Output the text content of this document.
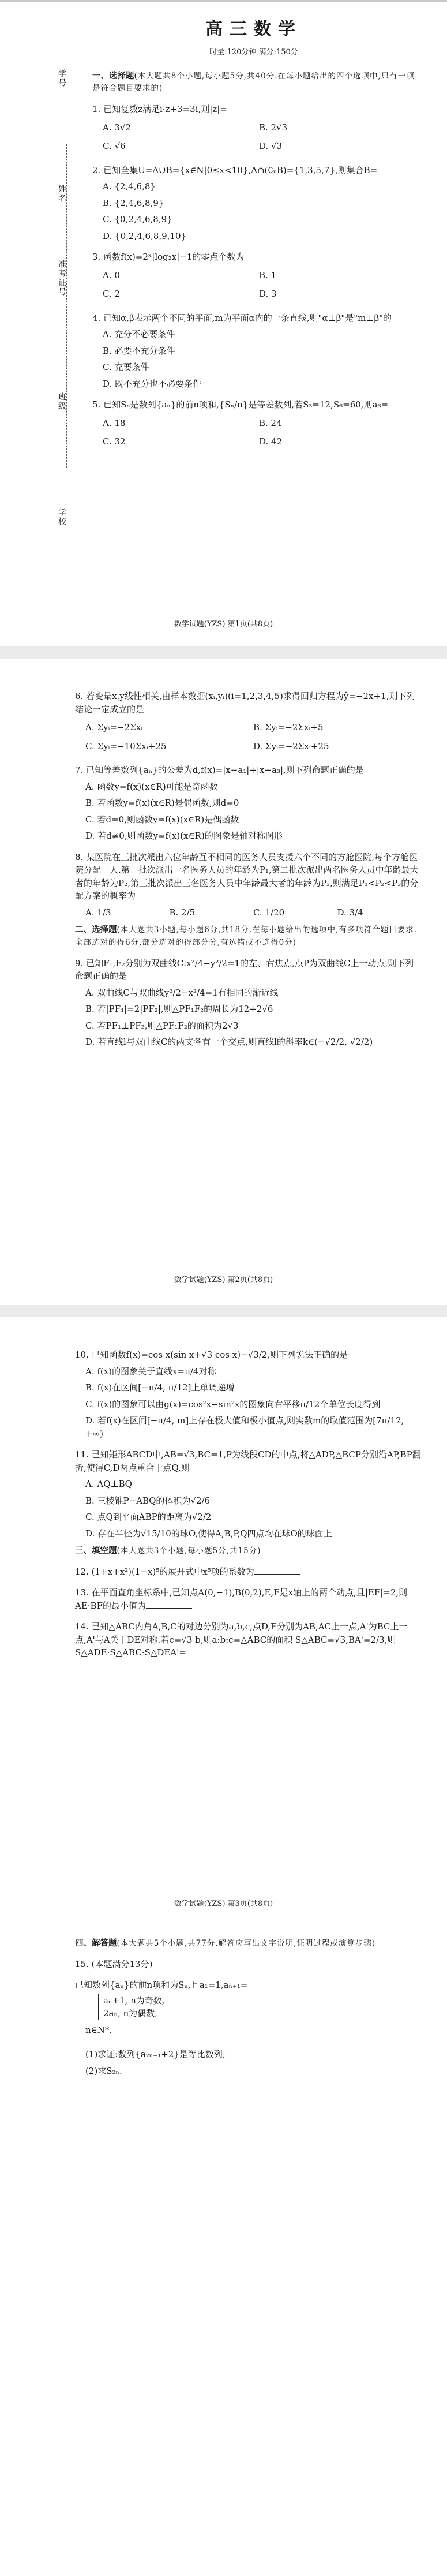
学号
姓名
准考证号
班级
学校
高三数学
时量:120分钟 满分:150分
一、选择题(本大题共8个小题,每小题5分,共40分.在每小题给出的四个选项中,只有一项是符合题目要求的)
1. 已知复数z满足i·z+3=3i,则|z|=
A. 3√2	B. 2√3
C. √6	D. √3
2. 已知全集U=A∪B={x∈N|0≤x<10},A∩(∁ᵤB)={1,3,5,7},则集合B=
A. {2,4,6,8}
B. {2,4,6,8,9}
C. {0,2,4,6,8,9}
D. {0,2,4,6,8,9,10}
3. 函数f(x)=2ˣ|log₂x|−1的零点个数为
A. 0	B. 1
C. 2	D. 3
4. 已知α,β表示两个不同的平面,m为平面α内的一条直线,则"α⊥β"是"m⊥β"的
A. 充分不必要条件
B. 必要不充分条件
C. 充要条件
D. 既不充分也不必要条件
5. 已知Sₙ是数列{aₙ}的前n项和,{Sₙ/n}是等差数列,若S₃=12,S₆=60,则a₆=
A. 18	B. 24
C. 32	D. 42
数学试题(YZS) 第1页(共8页)
6. 若变量x,y线性相关,由样本数据(xᵢ,yᵢ)(i=1,2,3,4,5)求得回归方程为ŷ=−2x+1,则下列结论一定成立的是
A. Σyᵢ=−2Σxᵢ	B. Σyᵢ=−2Σxᵢ+5
C. Σyᵢ=−10Σxᵢ+25	D. Σyᵢ=−2Σxᵢ+25
7. 已知等差数列{aₙ}的公差为d,f(x)=|x−a₁|+|x−a₃|,则下列命题正确的是
A. 函数y=f(x)(x∈R)可能是奇函数
B. 若函数y=f(x)(x∈R)是偶函数,则d=0
C. 若d=0,则函数y=f(x)(x∈R)是偶函数
D. 若d≠0,则函数y=f(x)(x∈R)的图象是轴对称图形
8. 某医院在三批次派出六位年龄互不相同的医务人员支援六个不同的方舱医院,每个方舱医院分配一人.第一批次派出一名医务人员的年龄为P₁,第二批次派出两名医务人员中年龄最大者的年龄为P₂,第三批次派出三名医务人员中年龄最大者的年龄为P₃,则满足P₁<P₂<P₃的分配方案的概率为
A. 1/3	B. 2/5	C. 1/20	D. 3/4
二、选择题(本大题共3小题,每小题6分,共18分.在每小题给出的选项中,有多项符合题目要求.全部选对的得6分,部分选对的得部分分,有选错或不选得0分)
9. 已知F₁,F₂分别为双曲线C:x²/4−y²/2=1的左、右焦点,点P为双曲线C上一动点,则下列命题正确的是
A. 双曲线C与双曲线y²/2−x²/4=1有相同的渐近线
B. 若|PF₁|=2|PF₂|,则△PF₁F₂的周长为12+2√6
C. 若PF₁⊥PF₂,则△PF₁F₂的面积为2√3
D. 若直线l与双曲线C的两支各有一个交点,则直线l的斜率k∈(−√2/2, √2/2)
数学试题(YZS) 第2页(共8页)
10. 已知函数f(x)=cos x(sin x+√3 cos x)−√3/2,则下列说法正确的是
A. f(x)的图象关于直线x=π/4对称
B. f(x)在区间[−π/4, π/12]上单调递增
C. f(x)的图象可以由g(x)=cos²x−sin²x的图象向右平移π/12个单位长度得到
D. 若f(x)在区间[−π/4, m]上存在极大值和极小值点,则实数m的取值范围为[7π/12, +∞)
11. 已知矩形ABCD中,AB=√3,BC=1,P为线段CD的中点,将△ADP,△BCP分别沿AP,BP翻折,使得C,D两点重合于点Q,则
A. AQ⊥BQ
B. 三棱锥P−ABQ的体积为√2/6
C. 点Q到平面ABP的距离为√2/2
D. 存在半径为√15/10的球O,使得A,B,P,Q四点均在球O的球面上
三、填空题(本大题共3个小题,每小题5分,共15分)
12. (1+x+x²)(1−x)⁵的展开式中x⁵项的系数为
13. 在平面直角坐标系中,已知点A(0,−1),B(0,2),E,F是x轴上的两个动点,且|EF|=2,则AE·BF的最小值为
14. 已知△ABC内角A,B,C的对边分别为a,b,c,点D,E分别为AB,AC上一点,A'为BC上一点,A'与A关于DE对称.若c=√3 b,则a:b:c=△ABC的面积 S△ABC=√3,BA'=2/3,则S△ADE·S△ABC·S△DEA'=
数学试题(YZS) 第3页(共8页)
四、解答题(本大题共5个小题,共77分.解答应写出文字说明,证明过程或演算步骤)
15. (本题满分13分)
已知数列{aₙ}的前n项和为Sₙ,且a₁=1,aₙ₊₁=
aₙ+1, n为奇数,
2aₙ, n为偶数,
n∈N*.
(1)求证:数列{a₂ₙ₋₁+2}是等比数列;
(2)求S₂ₙ.
